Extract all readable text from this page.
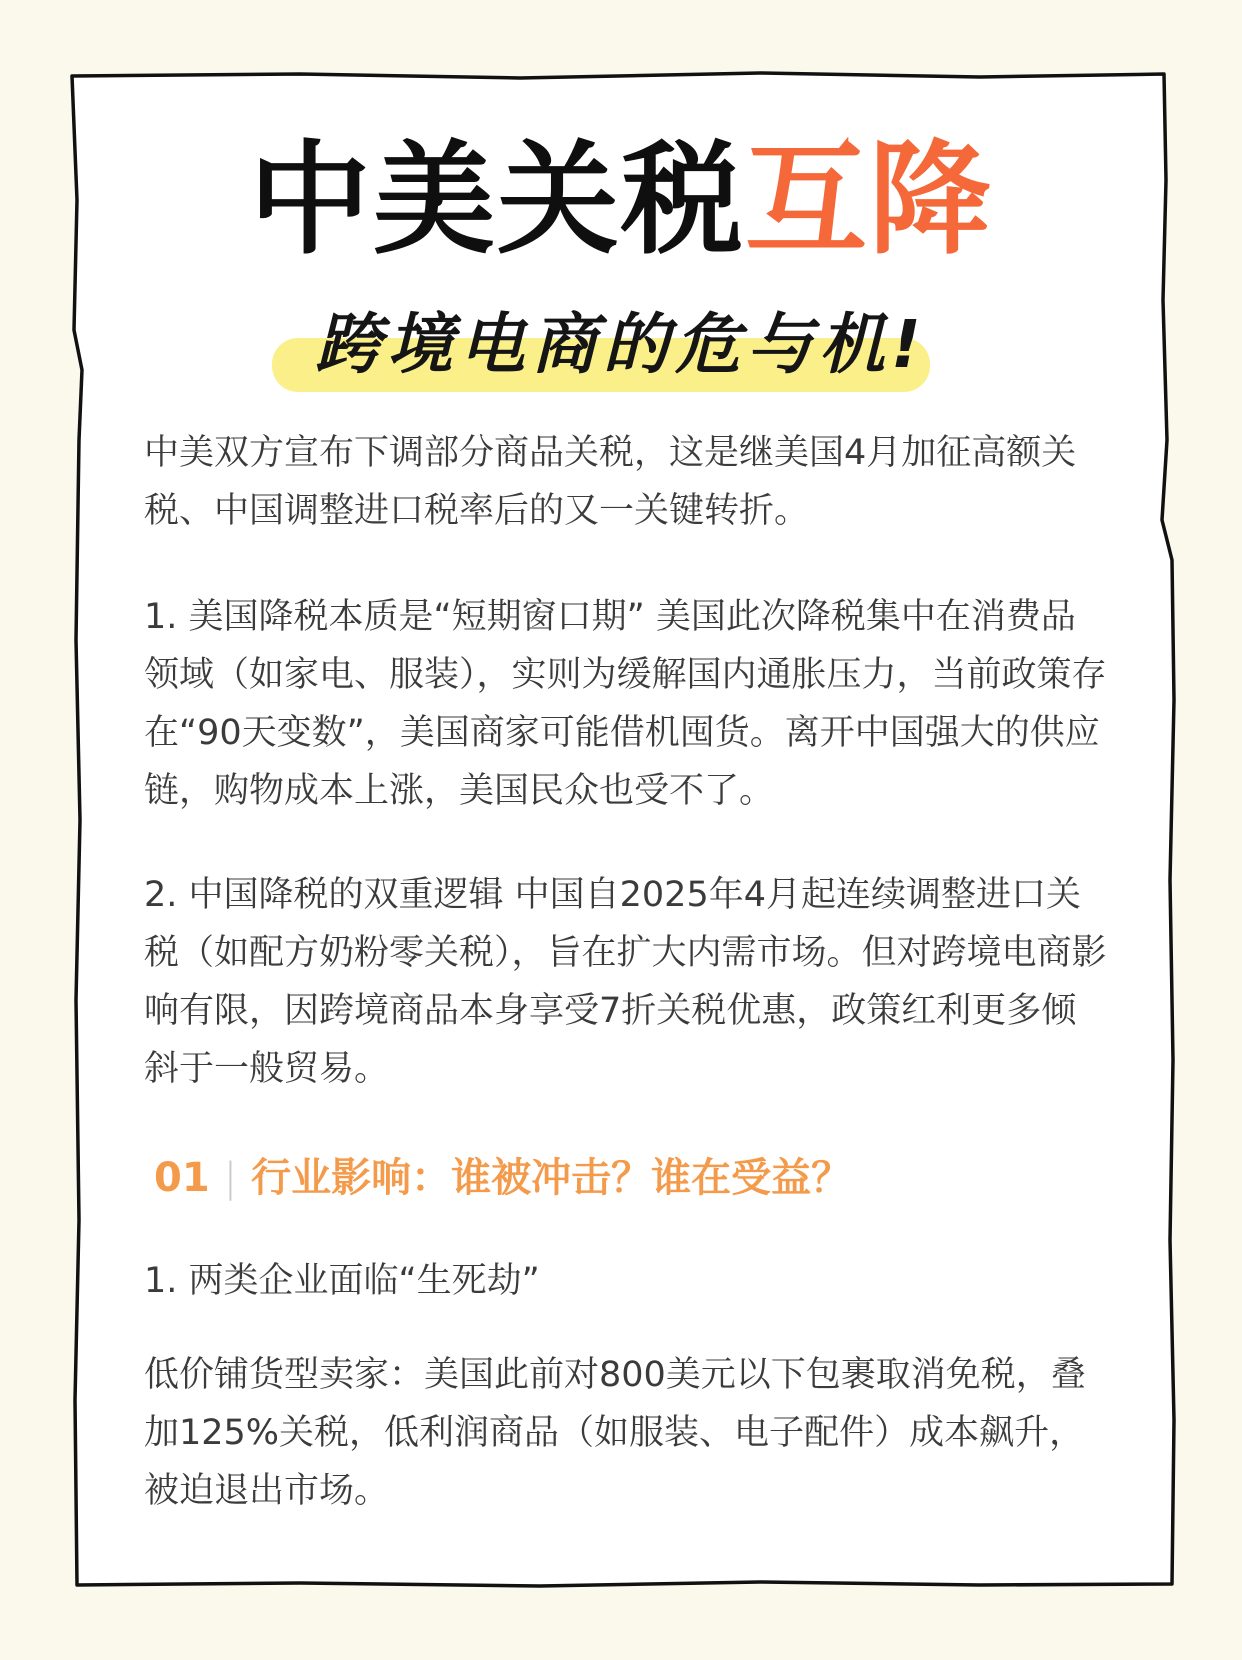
中美关税互降
跨境电商的危与机!

中美双方宣布下调部分商品关税，这是继美国4月加征高额关税、中国调整进口税率后的又一关键转折。

1. 美国降税本质是“短期窗口期” 美国此次降税集中在消费品领域（如家电、服装），实则为缓解国内通胀压力，当前政策存在“90天变数”，美国商家可能借机囤货。离开中国强大的供应链，购物成本上涨，美国民众也受不了。

2. 中国降税的双重逻辑 中国自2025年4月起连续调整进口关税（如配方奶粉零关税），旨在扩大内需市场。但对跨境电商影响有限，因跨境商品本身享受7折关税优惠，政策红利更多倾斜于一般贸易。

01 | 行业影响：谁被冲击？谁在受益？

1. 两类企业面临“生死劫”

低价铺货型卖家：美国此前对800美元以下包裹取消免税，叠加125%关税，低利润商品（如服装、电子配件）成本飙升，被迫退出市场。
